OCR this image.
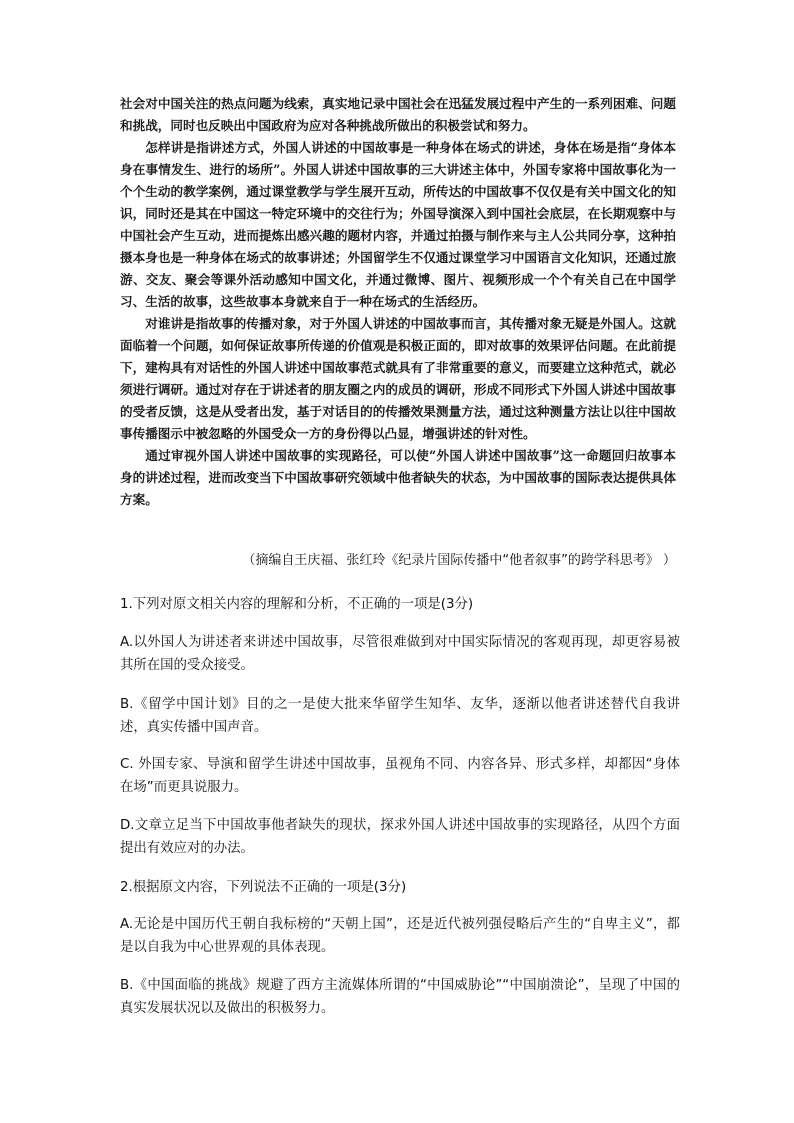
社会对中国关注的热点问题为线索，真实地记录中国社会在迅猛发展过程中产生的一系列困难、问题和挑战，同时也反映出中国政府为应对各种挑战所做出的积极尝试和努力。

怎样讲是指讲述方式，外国人讲述的中国故事是一种身体在场式的讲述，身体在场是指“身体本身在事情发生、进行的场所”。外国人讲述中国故事的三大讲述主体中，外国专家将中国故事化为一个个生动的教学案例，通过课堂教学与学生展开互动，所传达的中国故事不仅仅是有关中国文化的知识，同时还是其在中国这一特定环境中的交往行为；外国导演深入到中国社会底层，在长期观察中与中国社会产生互动，进而提炼出感兴趣的题材内容，并通过拍摄与制作来与主人公共同分享，这种拍摄本身也是一种身体在场式的故事讲述；外国留学生不仅通过课堂学习中国语言文化知识，还通过旅游、交友、聚会等课外活动感知中国文化，并通过微博、图片、视频形成一个个有关自己在中国学习、生活的故事，这些故事本身就来自于一种在场式的生活经历。

对谁讲是指故事的传播对象，对于外国人讲述的中国故事而言，其传播对象无疑是外国人。这就面临着一个问题，如何保证故事所传递的价值观是积极正面的，即对故事的效果评估问题。在此前提下，建构具有对话性的外国人讲述中国故事范式就具有了非常重要的意义，而要建立这种范式，就必须进行调研。通过对存在于讲述者的朋友圈之内的成员的调研，形成不同形式下外国人讲述中国故事的受者反馈，这是从受者出发，基于对话目的的传播效果测量方法，通过这种测量方法让以往中国故事传播图示中被忽略的外国受众一方的身份得以凸显，增强讲述的针对性。

通过审视外国人讲述中国故事的实现路径，可以使“外国人讲述中国故事”这一命题回归故事本身的讲述过程，进而改变当下中国故事研究领域中他者缺失的状态，为中国故事的国际表达提供具体方案。

（摘编自王庆福、张红玲《纪录片国际传播中“他者叙事”的跨学科思考》 ）
1.下列对原文相关内容的理解和分析，不正确的一项是(3分)
A.以外国人为讲述者来讲述中国故事，尽管很难做到对中国实际情况的客观再现，却更容易被其所在国的受众接受。
B.《留学中国计划》目的之一是使大批来华留学生知华、友华，逐渐以他者讲述替代自我讲述，真实传播中国声音。
C. 外国专家、导演和留学生讲述中国故事，虽视角不同、内容各异、形式多样，却都因“身体在场”而更具说服力。
D.文章立足当下中国故事他者缺失的现状，探求外国人讲述中国故事的实现路径，从四个方面提出有效应对的办法。
2.根据原文内容，下列说法不正确的一项是(3分)
A.无论是中国历代王朝自我标榜的“天朝上国”，还是近代被列强侵略后产生的“自卑主义”，都是以自我为中心世界观的具体表现。
B.《中国面临的挑战》规避了西方主流媒体所谓的“中国威胁论”“中国崩溃论”，呈现了中国的真实发展状况以及做出的积极努力。
